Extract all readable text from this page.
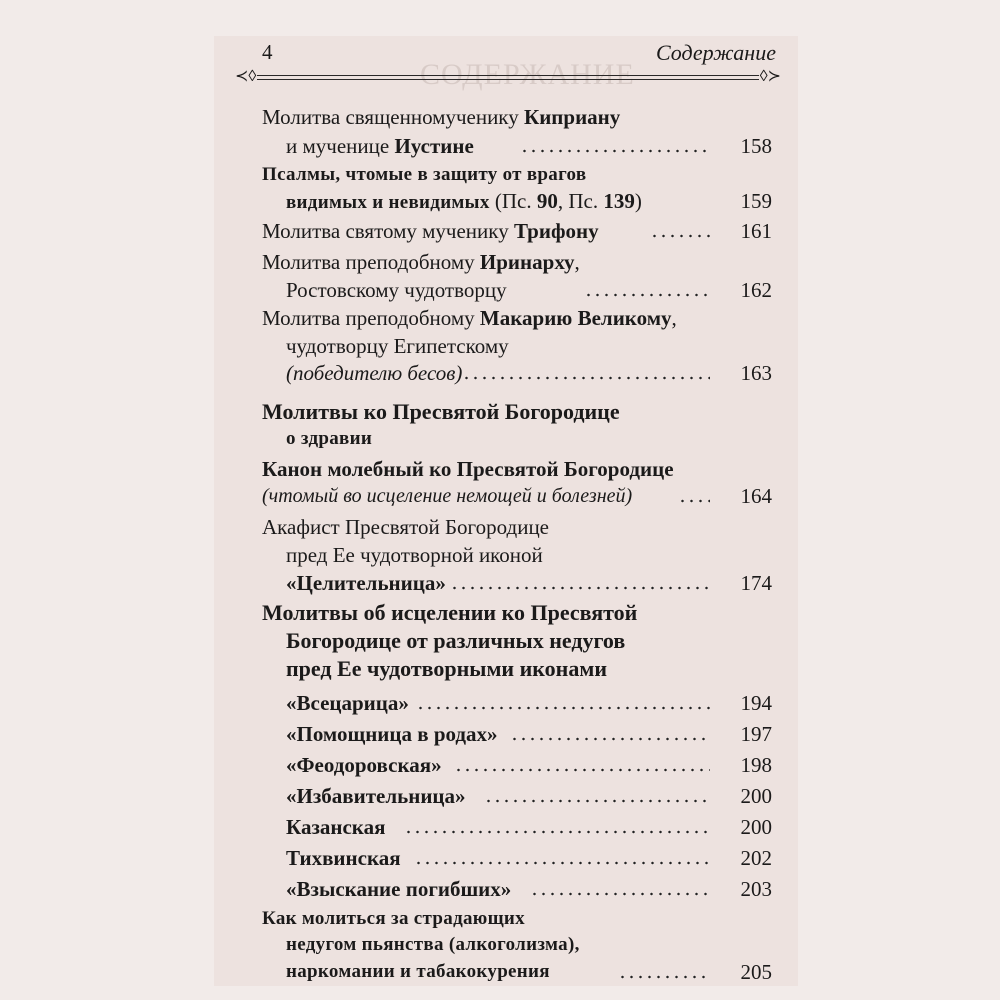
СОДЕРЖАНИЕ
4	Содержание
≺◊	◊≻
Молитва священномученику Киприану
и мученице Иустине	158
Псалмы, чтомые в защиту от врагов
видимых и невидимых (Пс. 90, Пс. 139)	159
Молитва святому мученику Трифону	161
Молитва преподобному Иринарху,
Ростовскому чудотворцу	162
Молитва преподобному Макарию Великому,
чудотворцу Египетскому
(победителю бесов)	163
Молитвы ко Пресвятой Богородице
о здравии
Канон молебный ко Пресвятой Богородице
(чтомый во исцеление немощей и болезней)	164
Акафист Пресвятой Богородице
пред Ее чудотворной иконой
«Целительница»	174
Молитвы об исцелении ко Пресвятой
Богородице от различных недугов
пред Ее чудотворными иконами
«Всецарица»	194
«Помощница в родах»	197
«Феодоровская»	198
«Избавительница»	200
Казанская	200
Тихвинская	202
«Взыскание погибших»	203
Как молиться за страдающих
недугом пьянства (алкоголизма),
наркомании и табакокурения	205
